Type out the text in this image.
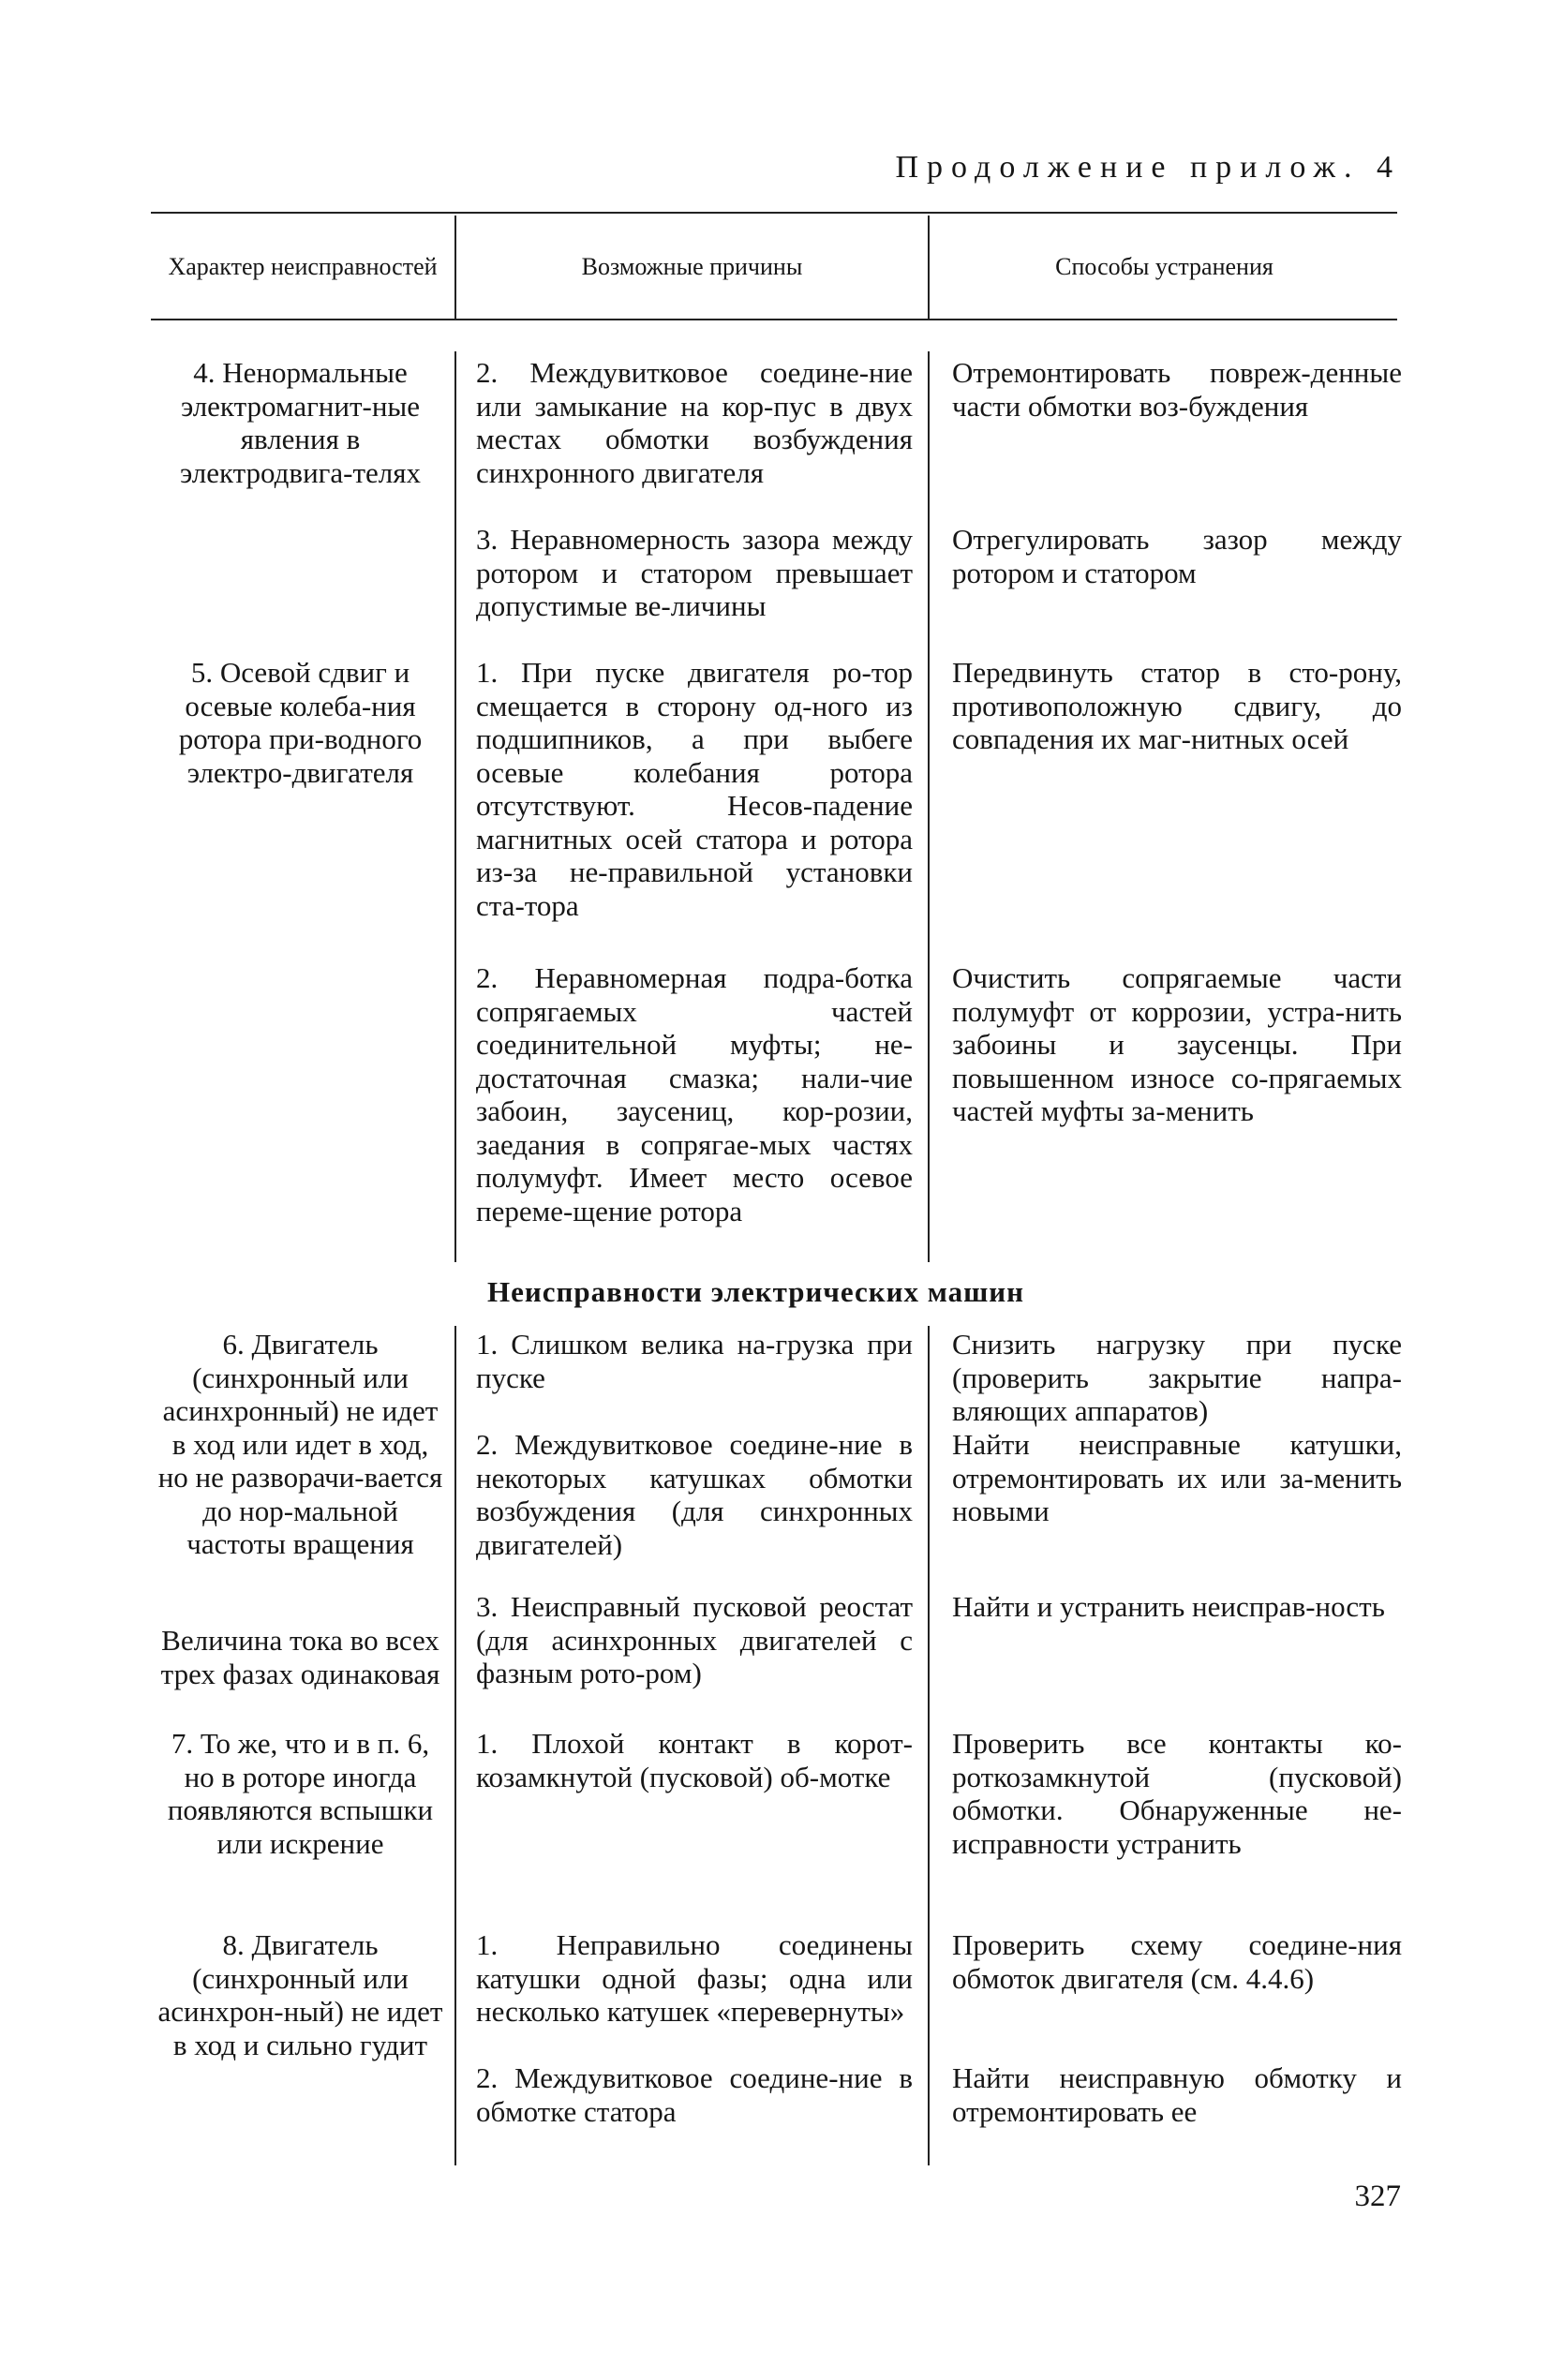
Продолжение прилож. 4
Характер неисправностей	Возможные причины	Способы устранения
4. Ненормальные электромагнит-ные явления в электродвига-телях
2. Междувитковое соедине-ние или замыкание на кор-пус в двух местах обмотки возбуждения синхронного двигателя
Отремонтировать повреж-денные части обмотки воз-буждения
3. Неравномерность зазора между ротором и статором превышает допустимые ве-личины
Отрегулировать зазор между ротором и статором
5. Осевой сдвиг и осевые колеба-ния ротора при-водного электро-двигателя
1. При пуске двигателя ро-тор смещается в сторону од-ного из подшипников, а при выбеге осевые колебания ротора отсутствуют. Несов-падение магнитных осей статора и ротора из-за не-правильной установки ста-тора
Передвинуть статор в сто-рону, противоположную сдвигу, до совпадения их маг-нитных осей
2. Неравномерная подра-ботка сопрягаемых частей соединительной муфты; не-достаточная смазка; нали-чие забоин, заусениц, кор-розии, заедания в сопрягае-мых частях полумуфт. Имеет место осевое переме-щение ротора
Очистить сопрягаемые части полумуфт от коррозии, устра-нить забоины и заусенцы. При повышенном износе со-прягаемых частей муфты за-менить
Неисправности электрических машин
6. Двигатель (синхронный или асинхронный) не идет в ход или идет в ход, но не разворачи-вается до нор-мальной частоты вращения
1. Слишком велика на-грузка при пуске
Снизить нагрузку при пуске (проверить закрытие напра-вляющих аппаратов)
2. Междувитковое соедине-ние в некоторых катушках обмотки возбуждения (для синхронных двигателей)
Найти неисправные катушки, отремонтировать их или за-менить новыми
Величина тока во всех трех фазах одинаковая
3. Неисправный пусковой реостат (для асинхронных двигателей с фазным рото-ром)
Найти и устранить неисправ-ность
7. То же, что и в п. 6, но в роторе иногда появляются вспышки или искрение
1. Плохой контакт в корот-козамкнутой (пусковой) об-мотке
Проверить все контакты ко-роткозамкнутой (пусковой) обмотки. Обнаруженные не-исправности устранить
8. Двигатель (синхронный или асинхрон-ный) не идет в ход и сильно гудит
1. Неправильно соединены катушки одной фазы; одна или несколько катушек «перевернуты»
Проверить схему соедине-ния обмоток двигателя (см. 4.4.6)
2. Междувитковое соедине-ние в обмотке статора
Найти неисправную обмотку и отремонтировать ее
327
